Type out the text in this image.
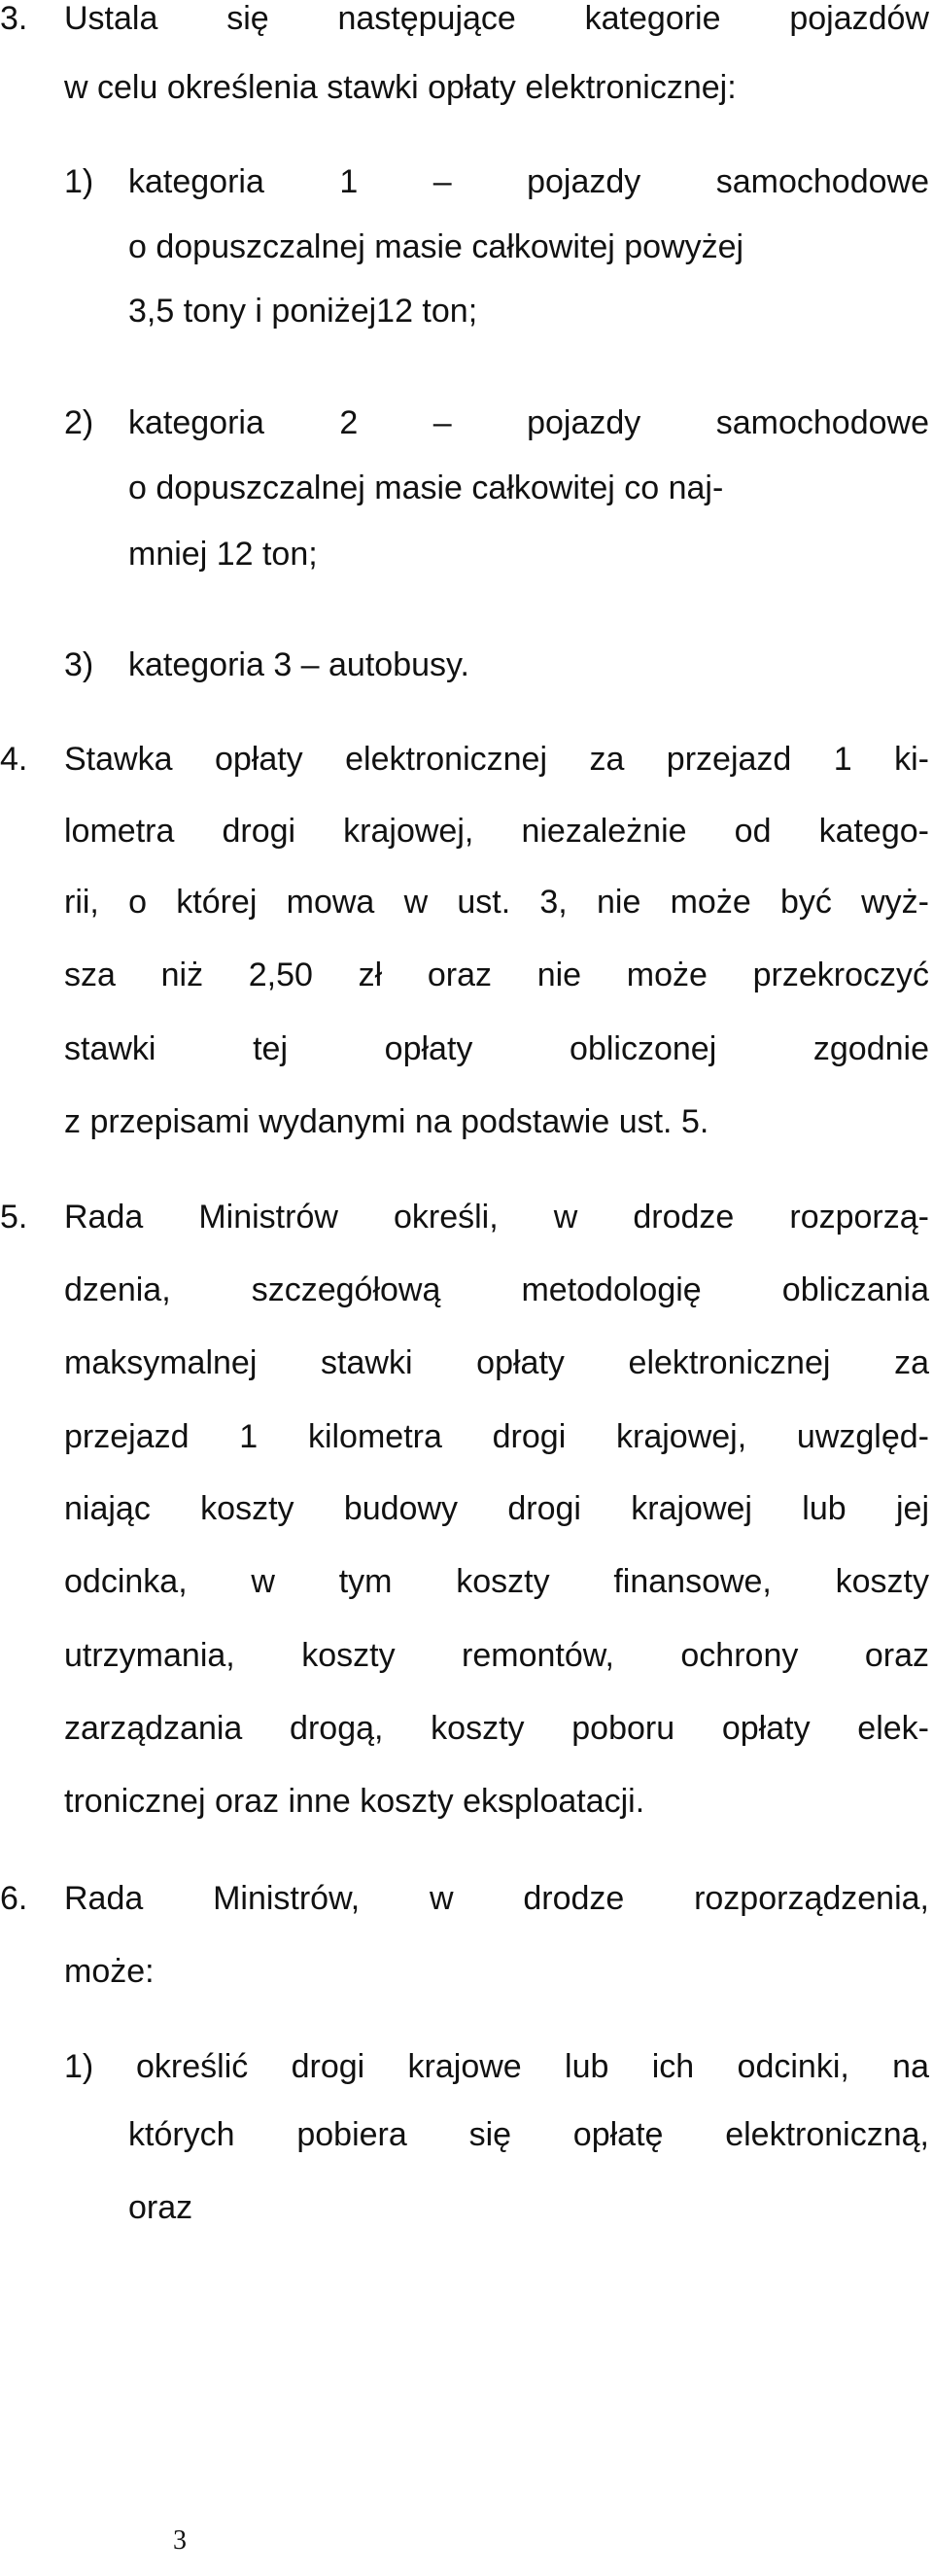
3. Ustala się następujące kategorie pojazdów
w celu określenia stawki opłaty elektronicznej:
1) kategoria 1 – pojazdy samochodowe
o dopuszczalnej masie całkowitej powyżej
3,5 tony i poniżej12 ton;
2) kategoria 2 – pojazdy samochodowe
o dopuszczalnej masie całkowitej co naj-
mniej 12 ton;
3) kategoria 3 – autobusy.
4. Stawka opłaty elektronicznej za przejazd 1 ki-
lometra drogi krajowej, niezależnie od katego-
rii, o której mowa w ust. 3, nie może być wyż-
sza niż 2,50 zł oraz nie może przekroczyć
stawki tej opłaty obliczonej zgodnie
z przepisami wydanymi na podstawie ust. 5.
5. Rada Ministrów określi, w drodze rozporzą-
dzenia, szczegółową metodologię obliczania
maksymalnej stawki opłaty elektronicznej za
przejazd 1 kilometra drogi krajowej, uwzględ-
niając koszty budowy drogi krajowej lub jej
odcinka, w tym koszty finansowe, koszty
utrzymania, koszty remontów, ochrony oraz
zarządzania drogą, koszty poboru opłaty elek-
tronicznej oraz inne koszty eksploatacji.
6. Rada Ministrów, w drodze rozporządzenia,
może:
1) określić drogi krajowe lub ich odcinki, na
których pobiera się opłatę elektroniczną,
oraz
3
